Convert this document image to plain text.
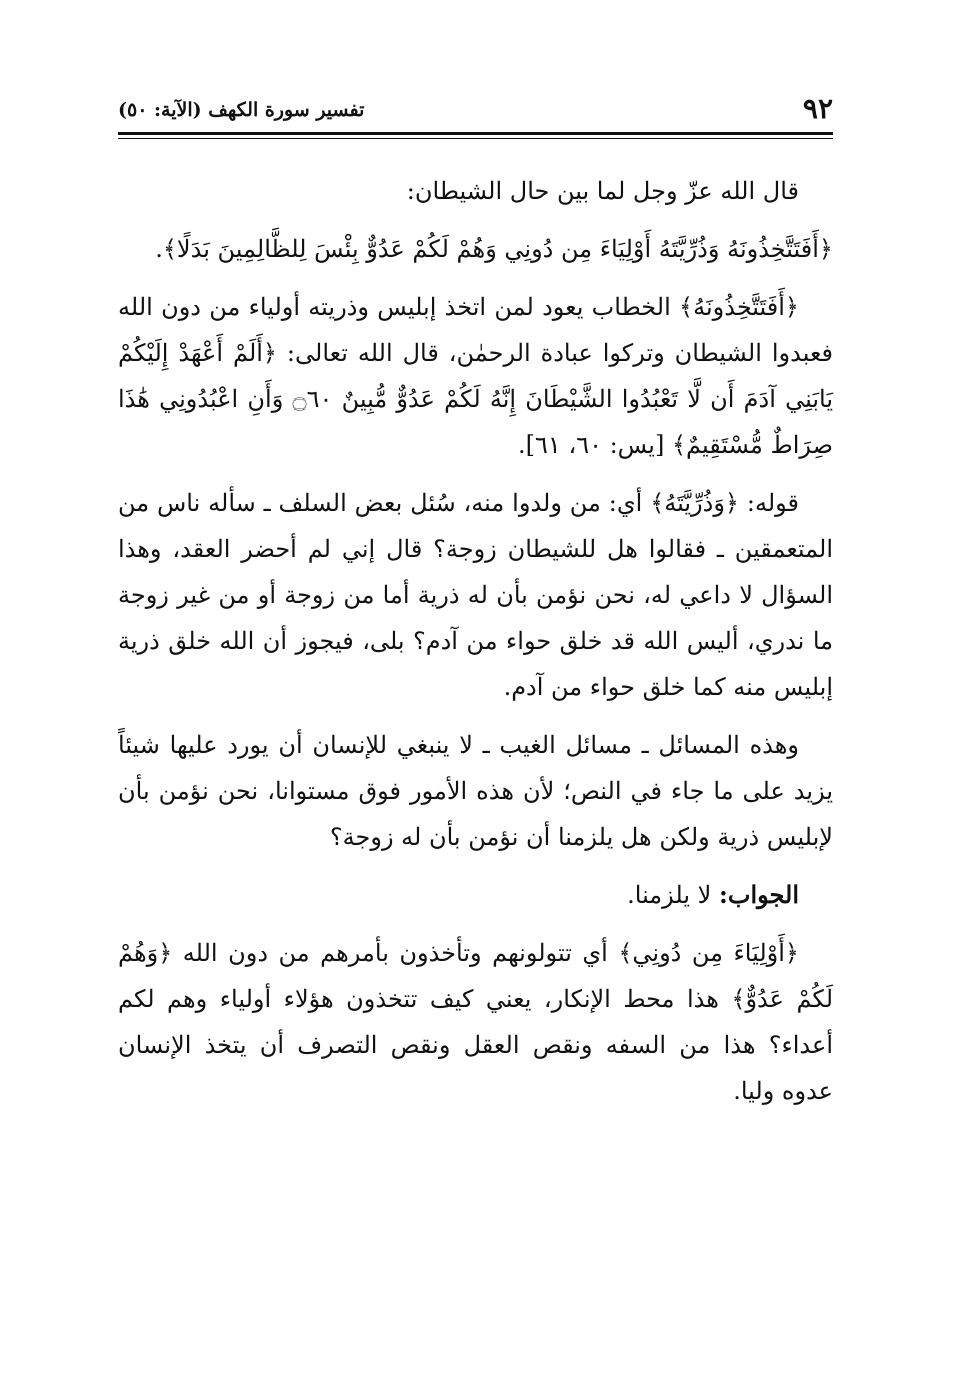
٩٢
تفسير سورة الكهف (الآية: ٥٠)

قال الله عزّ وجل لما بين حال الشيطان:

﴿أَفَتَتَّخِذُونَهُ وَذُرِّيَّتَهُ أَوْلِيَاءَ مِن دُونِي وَهُمْ لَكُمْ عَدُوٌّ بِئْسَ لِلظَّالِمِينَ بَدَلًا﴾.

﴿أَفَتَتَّخِذُونَهُ﴾ الخطاب يعود لمن اتخذ إبليس وذريته أولياء من دون الله فعبدوا الشيطان وتركوا عبادة الرحمٰن، قال الله تعالى: ﴿أَلَمْ أَعْهَدْ إِلَيْكُمْ يَابَنِي آدَمَ أَن لَّا تَعْبُدُوا الشَّيْطَانَ إِنَّهُ لَكُمْ عَدُوٌّ مُّبِينٌ ۝٦٠ وَأَنِ اعْبُدُونِي هَٰذَا صِرَاطٌ مُّسْتَقِيمٌ﴾ [يس: ٦٠، ٦١].

قوله: ﴿وَذُرِّيَّتَهُ﴾ أي: من ولدوا منه، سُئل بعض السلف ـ سأله ناس من المتعمقين ـ فقالوا هل للشيطان زوجة؟ قال إني لم أحضر العقد، وهذا السؤال لا داعي له، نحن نؤمن بأن له ذرية أما من زوجة أو من غير زوجة ما ندري، أليس الله قد خلق حواء من آدم؟ بلى، فيجوز أن الله خلق ذرية إبليس منه كما خلق حواء من آدم.

وهذه المسائل ـ مسائل الغيب ـ لا ينبغي للإنسان أن يورد عليها شيئاً يزيد على ما جاء في النص؛ لأن هذه الأمور فوق مستوانا، نحن نؤمن بأن لإبليس ذرية ولكن هل يلزمنا أن نؤمن بأن له زوجة؟

الجواب: لا يلزمنا.

﴿أَوْلِيَاءَ مِن دُونِي﴾ أي تتولونهم وتأخذون بأمرهم من دون الله ﴿وَهُمْ لَكُمْ عَدُوٌّ﴾ هذا محط الإنكار، يعني كيف تتخذون هؤلاء أولياء وهم لكم أعداء؟ هذا من السفه ونقص العقل ونقص التصرف أن يتخذ الإنسان عدوه وليا.
